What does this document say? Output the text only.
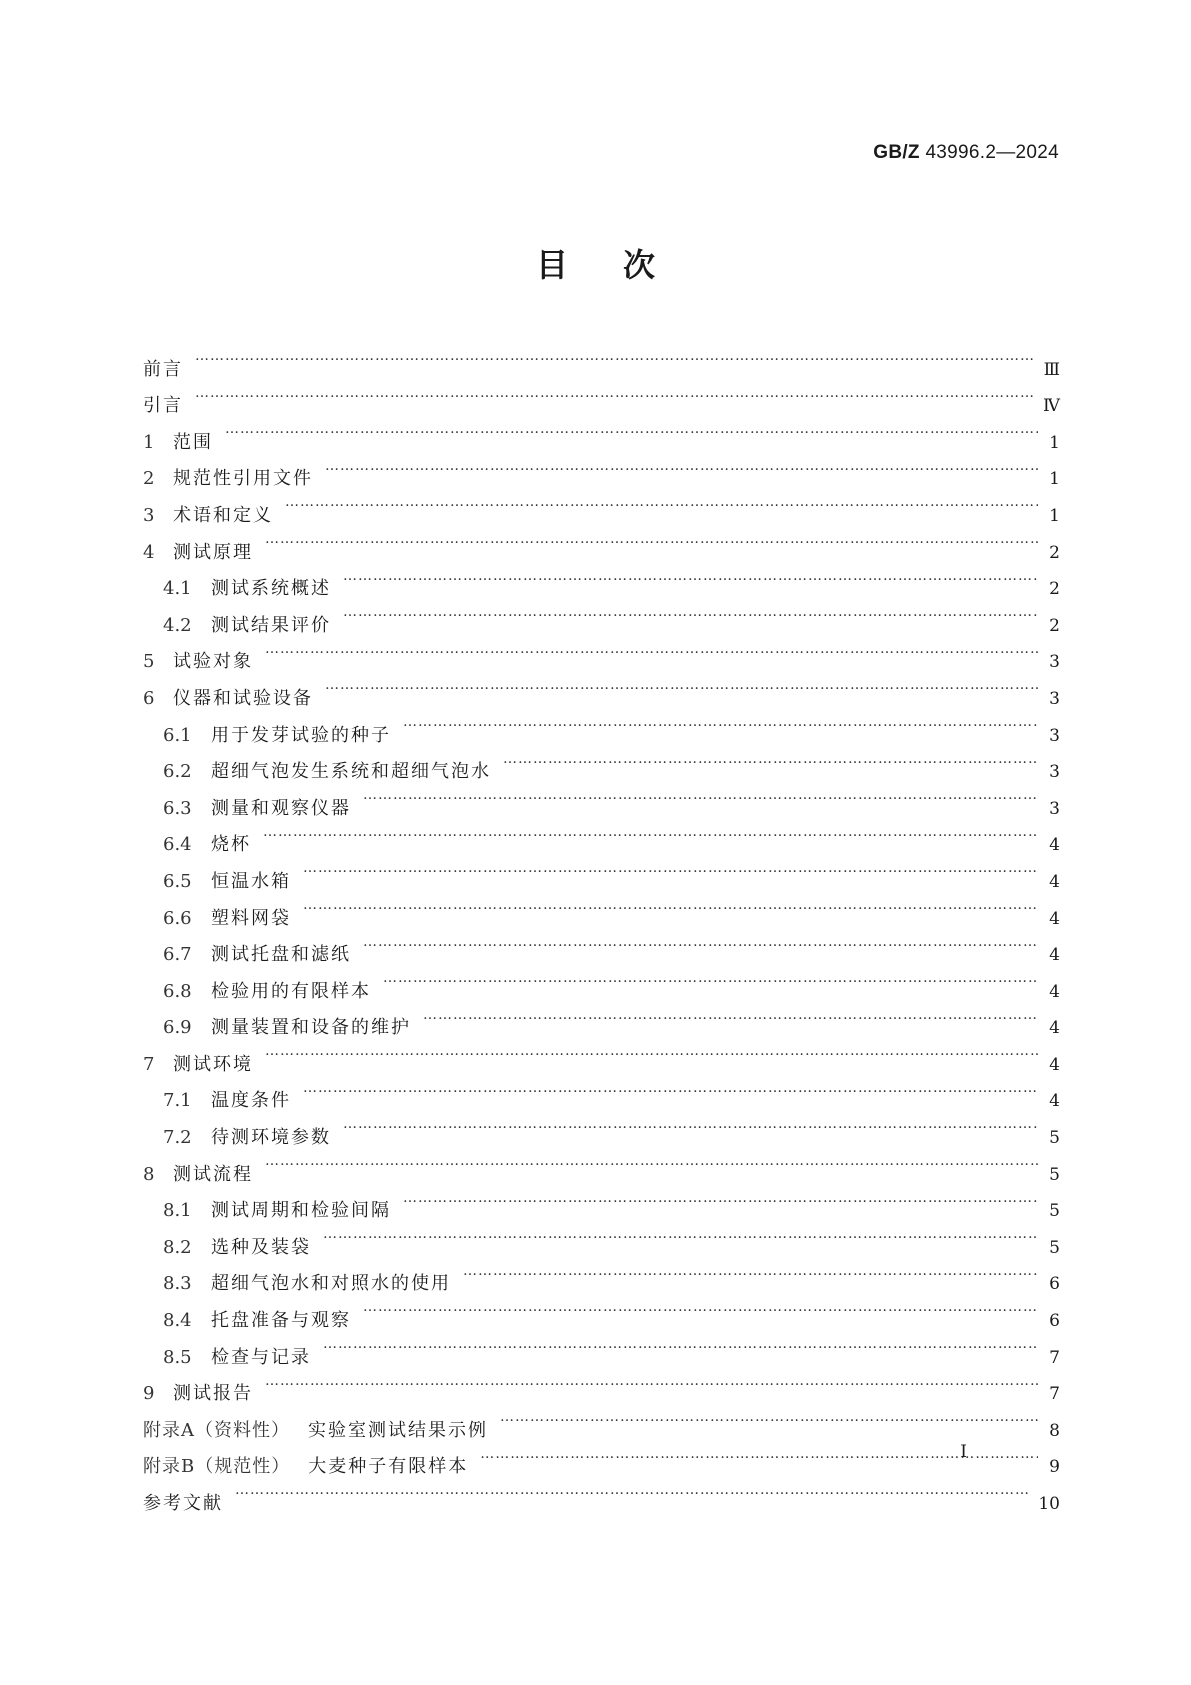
GB/Z 43996.2—2024
目次
前言 …………………………………………………………………………………………………………………………………………………………………………………………………………………………………………………………	Ⅲ
引言 …………………………………………………………………………………………………………………………………………………………………………………………………………………………………………………………	Ⅳ
1	范围 …………………………………………………………………………………………………………………………………………………………………………………………………………………………………………………………	1
2	规范性引用文件 …………………………………………………………………………………………………………………………………………………………………………………………………………………………………………………………	1
3	术语和定义 …………………………………………………………………………………………………………………………………………………………………………………………………………………………………………………………	1
4	测试原理 …………………………………………………………………………………………………………………………………………………………………………………………………………………………………………………………	2
4.1	测试系统概述 …………………………………………………………………………………………………………………………………………………………………………………………………………………………………………………………	2
4.2	测试结果评价 …………………………………………………………………………………………………………………………………………………………………………………………………………………………………………………………	2
5	试验对象 …………………………………………………………………………………………………………………………………………………………………………………………………………………………………………………………	3
6	仪器和试验设备 …………………………………………………………………………………………………………………………………………………………………………………………………………………………………………………………	3
6.1	用于发芽试验的种子 …………………………………………………………………………………………………………………………………………………………………………………………………………………………………………………………	3
6.2	超细气泡发生系统和超细气泡水 …………………………………………………………………………………………………………………………………………………………………………………………………………………………………………………………	3
6.3	测量和观察仪器 …………………………………………………………………………………………………………………………………………………………………………………………………………………………………………………………	3
6.4	烧杯 …………………………………………………………………………………………………………………………………………………………………………………………………………………………………………………………	4
6.5	恒温水箱 …………………………………………………………………………………………………………………………………………………………………………………………………………………………………………………………	4
6.6	塑料网袋 …………………………………………………………………………………………………………………………………………………………………………………………………………………………………………………………	4
6.7	测试托盘和滤纸 …………………………………………………………………………………………………………………………………………………………………………………………………………………………………………………………	4
6.8	检验用的有限样本 …………………………………………………………………………………………………………………………………………………………………………………………………………………………………………………………	4
6.9	测量装置和设备的维护 …………………………………………………………………………………………………………………………………………………………………………………………………………………………………………………………	4
7	测试环境 …………………………………………………………………………………………………………………………………………………………………………………………………………………………………………………………	4
7.1	温度条件 …………………………………………………………………………………………………………………………………………………………………………………………………………………………………………………………	4
7.2	待测环境参数 …………………………………………………………………………………………………………………………………………………………………………………………………………………………………………………………	5
8	测试流程 …………………………………………………………………………………………………………………………………………………………………………………………………………………………………………………………	5
8.1	测试周期和检验间隔 …………………………………………………………………………………………………………………………………………………………………………………………………………………………………………………………	5
8.2	选种及装袋 …………………………………………………………………………………………………………………………………………………………………………………………………………………………………………………………	5
8.3	超细气泡水和对照水的使用 …………………………………………………………………………………………………………………………………………………………………………………………………………………………………………………………	6
8.4	托盘准备与观察 …………………………………………………………………………………………………………………………………………………………………………………………………………………………………………………………	6
8.5	检查与记录 …………………………………………………………………………………………………………………………………………………………………………………………………………………………………………………………	7
9	测试报告 …………………………………………………………………………………………………………………………………………………………………………………………………………………………………………………………	7
附录A（资料性） 实验室测试结果示例 …………………………………………………………………………………………………………………………………………………………………………………………………………………………………………………………	8
附录B（规范性） 大麦种子有限样本 …………………………………………………………………………………………………………………………………………………………………………………………………………………………………………………………	9
参考文献 …………………………………………………………………………………………………………………………………………………………………………………………………………………………………………………………	10
I
